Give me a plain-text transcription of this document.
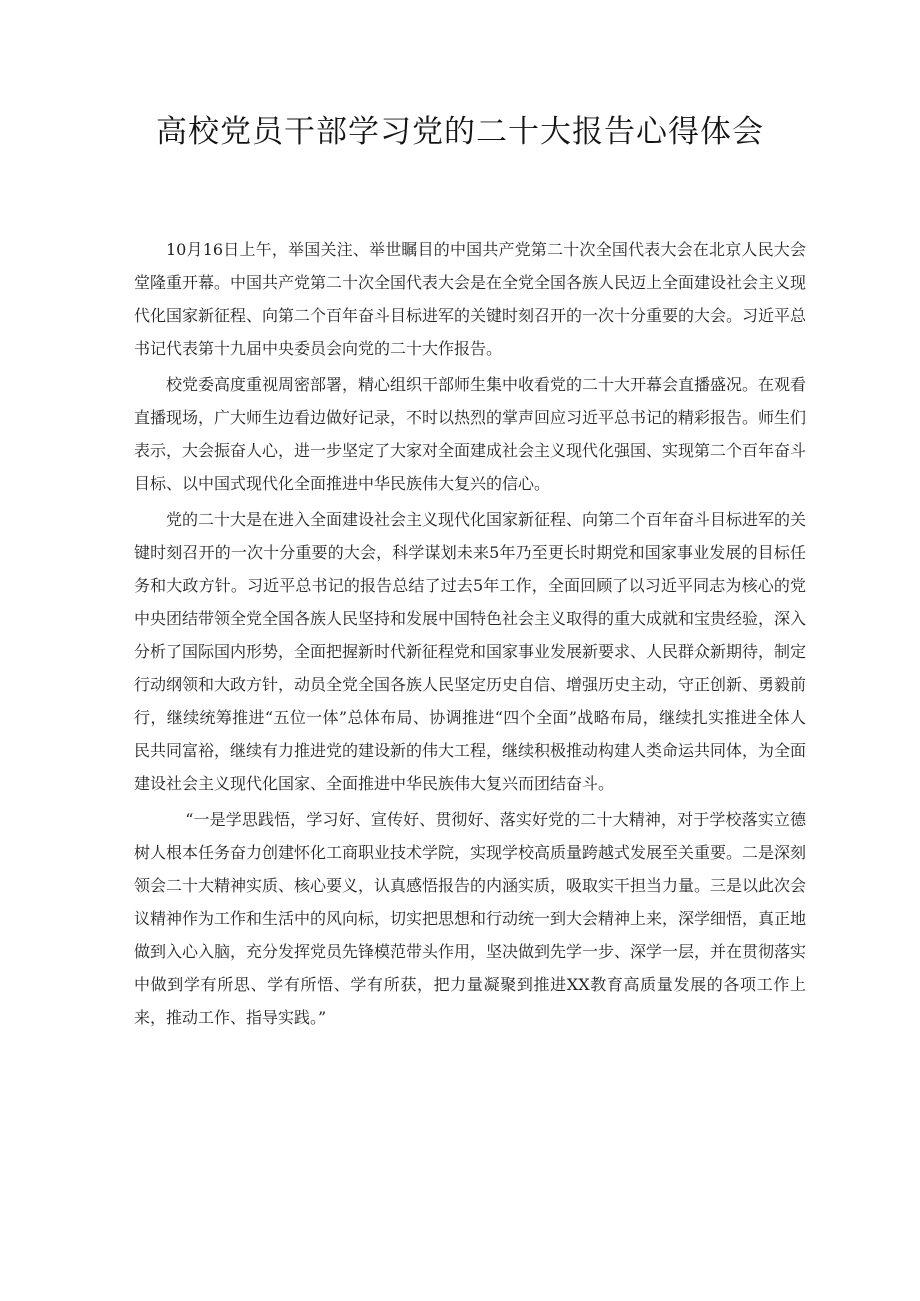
高校党员干部学习党的二十大报告心得体会

10月16日上午，举国关注、举世瞩目的中国共产党第二十次全国代表大会在北京人民大会堂隆重开幕。中国共产党第二十次全国代表大会是在全党全国各族人民迈上全面建设社会主义现代化国家新征程、向第二个百年奋斗目标进军的关键时刻召开的一次十分重要的大会。习近平总书记代表第十九届中央委员会向党的二十大作报告。

校党委高度重视周密部署，精心组织干部师生集中收看党的二十大开幕会直播盛况。在观看直播现场，广大师生边看边做好记录，不时以热烈的掌声回应习近平总书记的精彩报告。师生们表示，大会振奋人心，进一步坚定了大家对全面建成社会主义现代化强国、实现第二个百年奋斗目标、以中国式现代化全面推进中华民族伟大复兴的信心。

党的二十大是在进入全面建设社会主义现代化国家新征程、向第二个百年奋斗目标进军的关键时刻召开的一次十分重要的大会，科学谋划未来5年乃至更长时期党和国家事业发展的目标任务和大政方针。习近平总书记的报告总结了过去5年工作，全面回顾了以习近平同志为核心的党中央团结带领全党全国各族人民坚持和发展中国特色社会主义取得的重大成就和宝贵经验，深入分析了国际国内形势，全面把握新时代新征程党和国家事业发展新要求、人民群众新期待，制定行动纲领和大政方针，动员全党全国各族人民坚定历史自信、增强历史主动，守正创新、勇毅前行，继续统筹推进“五位一体”总体布局、协调推进“四个全面”战略布局，继续扎实推进全体人民共同富裕，继续有力推进党的建设新的伟大工程，继续积极推动构建人类命运共同体，为全面建设社会主义现代化国家、全面推进中华民族伟大复兴而团结奋斗。

“一是学思践悟，学习好、宣传好、贯彻好、落实好党的二十大精神，对于学校落实立德树人根本任务奋力创建怀化工商职业技术学院，实现学校高质量跨越式发展至关重要。二是深刻领会二十大精神实质、核心要义，认真感悟报告的内涵实质，吸取实干担当力量。三是以此次会议精神作为工作和生活中的风向标，切实把思想和行动统一到大会精神上来，深学细悟，真正地做到入心入脑，充分发挥党员先锋模范带头作用，坚决做到先学一步、深学一层，并在贯彻落实中做到学有所思、学有所悟、学有所获，把力量凝聚到推进XX教育高质量发展的各项工作上来，推动工作、指导实践。”
